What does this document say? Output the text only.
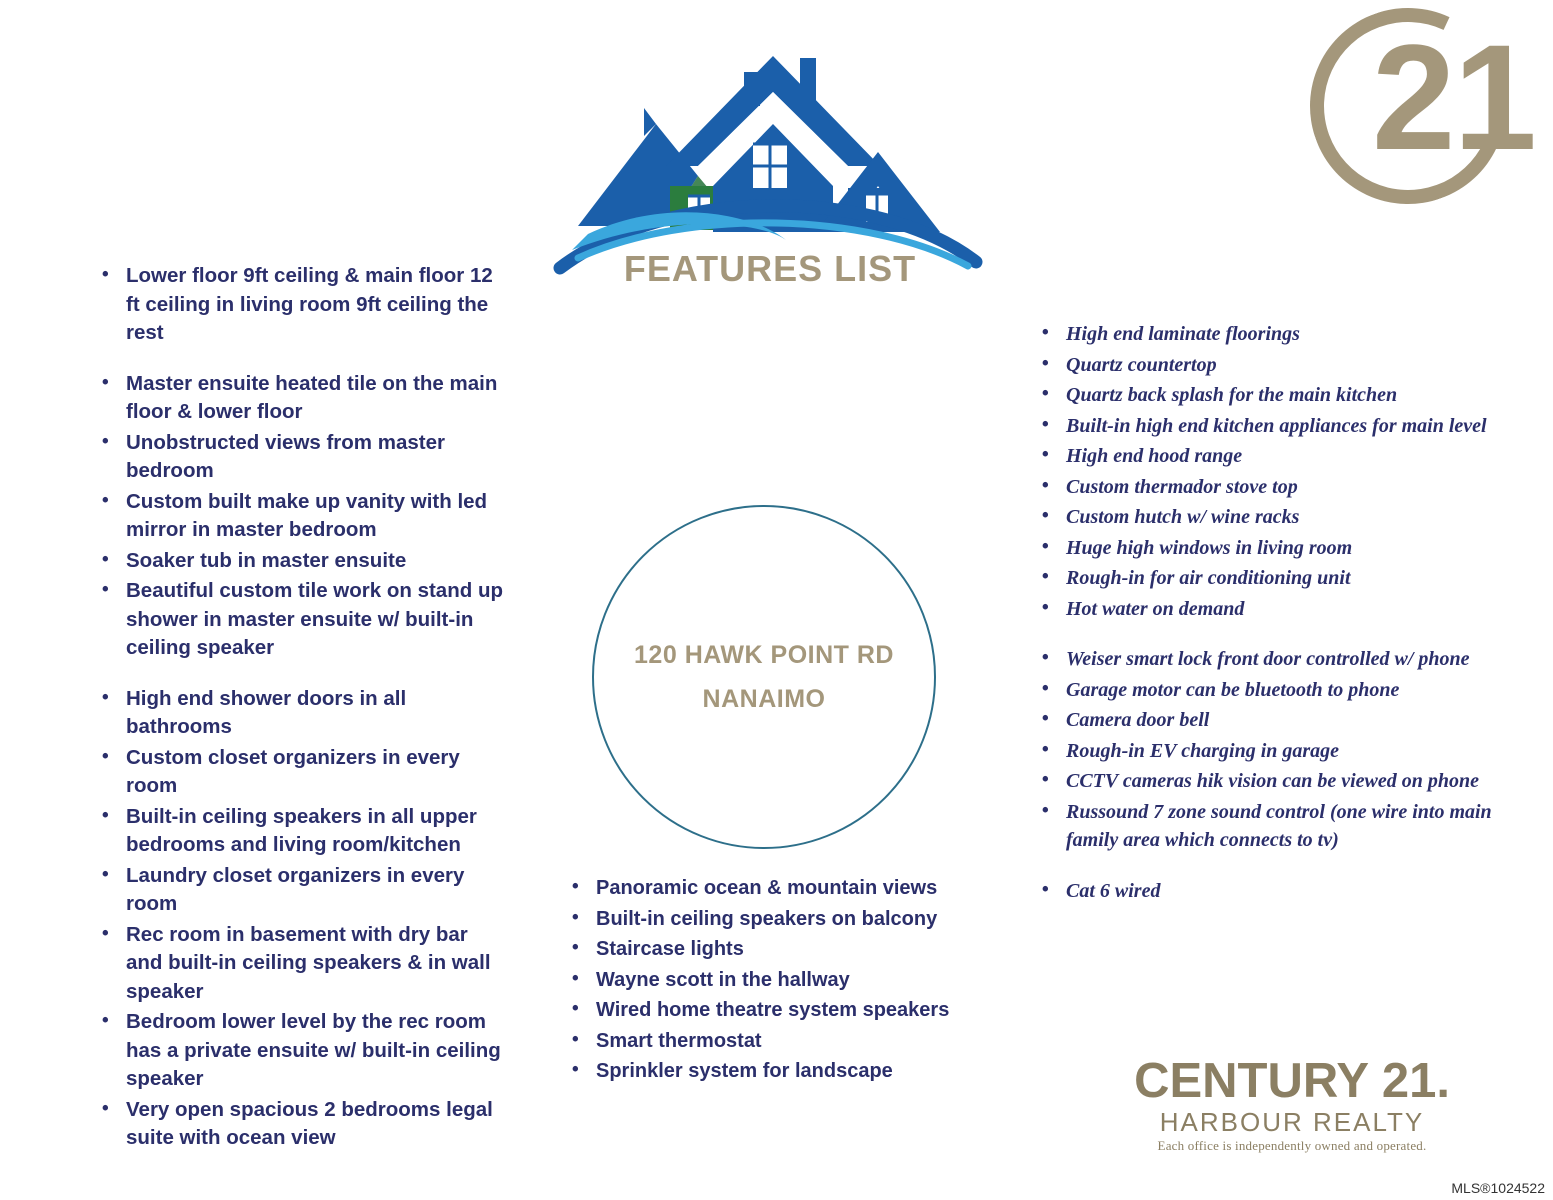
21
FEATURES LIST
120 HAWK POINT RD
NANAIMO
• Lower floor 9ft ceiling & main floor 12 ft ceiling in living room 9ft ceiling the rest
• Master ensuite heated tile on the main floor & lower floor
• Unobstructed views from master bedroom
• Custom built make up vanity with led mirror in master bedroom
• Soaker tub in master ensuite
• Beautiful custom tile work on stand up shower in master ensuite w/ built-in ceiling speaker
• High end shower doors in all bathrooms
• Custom closet organizers in every room
• Built-in ceiling speakers in all upper bedrooms and living room/kitchen
• Laundry closet organizers in every room
• Rec room in basement with dry bar and built-in ceiling speakers & in wall speaker
• Bedroom lower level by the rec room has a private ensuite w/ built-in ceiling speaker
• Very open spacious 2 bedrooms legal suite with ocean view
• Panoramic ocean & mountain views
• Built-in ceiling speakers on balcony
• Staircase lights
• Wayne scott in the hallway
• Wired home theatre system speakers
• Smart thermostat
• Sprinkler system for landscape
• High end laminate floorings
• Quartz countertop
• Quartz back splash for the main kitchen
• Built-in high end kitchen appliances for main level
• High end hood range
• Custom thermador stove top
• Custom hutch w/ wine racks
• Huge high windows in living room
• Rough-in for air conditioning unit
• Hot water on demand
• Weiser smart lock front door controlled w/ phone
• Garage motor can be bluetooth to phone
• Camera door bell
• Rough-in EV charging in garage
• CCTV cameras hik vision can be viewed on phone
• Russound 7 zone sound control (one wire into main family area which connects to tv)
• Cat 6 wired
CENTURY 21.
HARBOUR REALTY
Each office is independently owned and operated.
MLS®1024522
